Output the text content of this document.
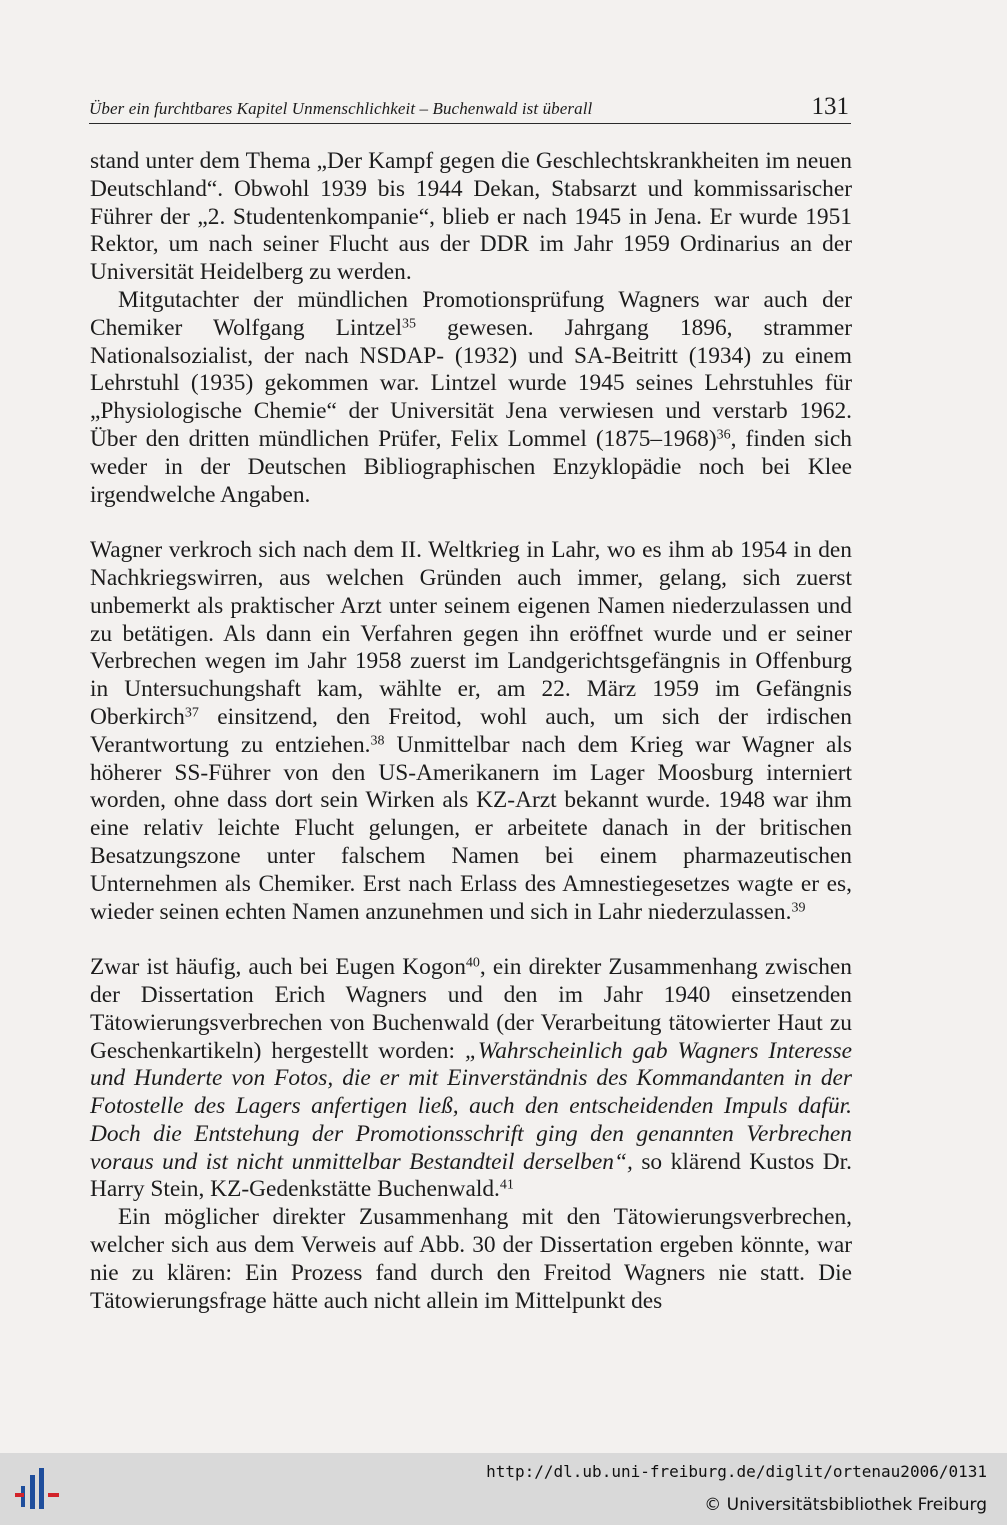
Über ein furchtbares Kapitel Unmenschlichkeit – Buchenwald ist überall	131

stand unter dem Thema „Der Kampf gegen die Geschlechtskrankheiten im neuen Deutschland“. Obwohl 1939 bis 1944 Dekan, Stabsarzt und kommissarischer Führer der „2. Studentenkompanie“, blieb er nach 1945 in Jena. Er wurde 1951 Rektor, um nach seiner Flucht aus der DDR im Jahr 1959 Ordinarius an der Universität Heidelberg zu werden.

Mitgutachter der mündlichen Promotionsprüfung Wagners war auch der Chemiker Wolfgang Lintzel$^{35}$ gewesen. Jahrgang 1896, strammer Nationalsozialist, der nach NSDAP- (1932) und SA-Beitritt (1934) zu einem Lehrstuhl (1935) gekommen war. Lintzel wurde 1945 seines Lehrstuhles für „Physiologische Chemie“ der Universität Jena verwiesen und verstarb 1962. Über den dritten mündlichen Prüfer, Felix Lommel (1875–1968)$^{36}$, finden sich weder in der Deutschen Bibliographischen Enzyklopädie noch bei Klee irgendwelche Angaben.

Wagner verkroch sich nach dem II. Weltkrieg in Lahr, wo es ihm ab 1954 in den Nachkriegswirren, aus welchen Gründen auch immer, gelang, sich zuerst unbemerkt als praktischer Arzt unter seinem eigenen Namen niederzulassen und zu betätigen. Als dann ein Verfahren gegen ihn eröffnet wurde und er seiner Verbrechen wegen im Jahr 1958 zuerst im Landgerichtsgefängnis in Offenburg in Untersuchungshaft kam, wählte er, am 22. März 1959 im Gefängnis Oberkirch$^{37}$ einsitzend, den Freitod, wohl auch, um sich der irdischen Verantwortung zu entziehen.$^{38}$ Unmittelbar nach dem Krieg war Wagner als höherer SS-Führer von den US-Amerikanern im Lager Moosburg interniert worden, ohne dass dort sein Wirken als KZ-Arzt bekannt wurde. 1948 war ihm eine relativ leichte Flucht gelungen, er arbeitete danach in der britischen Besatzungszone unter falschem Namen bei einem pharmazeutischen Unternehmen als Chemiker. Erst nach Erlass des Amnestiegesetzes wagte er es, wieder seinen echten Namen anzunehmen und sich in Lahr niederzulassen.$^{39}$

Zwar ist häufig, auch bei Eugen Kogon$^{40}$, ein direkter Zusammenhang zwischen der Dissertation Erich Wagners und den im Jahr 1940 einsetzenden Tätowierungsverbrechen von Buchenwald (der Verarbeitung tätowierter Haut zu Geschenkartikeln) hergestellt worden: „Wahrscheinlich gab Wagners Interesse und Hunderte von Fotos, die er mit Einverständnis des Kommandanten in der Fotostelle des Lagers anfertigen ließ, auch den entscheidenden Impuls dafür. Doch die Entstehung der Promotionsschrift ging den genannten Verbrechen voraus und ist nicht unmittelbar Bestandteil derselben“, so klärend Kustos Dr. Harry Stein, KZ-Gedenkstätte Buchenwald.$^{41}$

Ein möglicher direkter Zusammenhang mit den Tätowierungsverbrechen, welcher sich aus dem Verweis auf Abb. 30 der Dissertation ergeben könnte, war nie zu klären: Ein Prozess fand durch den Freitod Wagners nie statt. Die Tätowierungsfrage hätte auch nicht allein im Mittelpunkt des

http://dl.ub.uni-freiburg.de/diglit/ortenau2006/0131
© Universitätsbibliothek Freiburg
